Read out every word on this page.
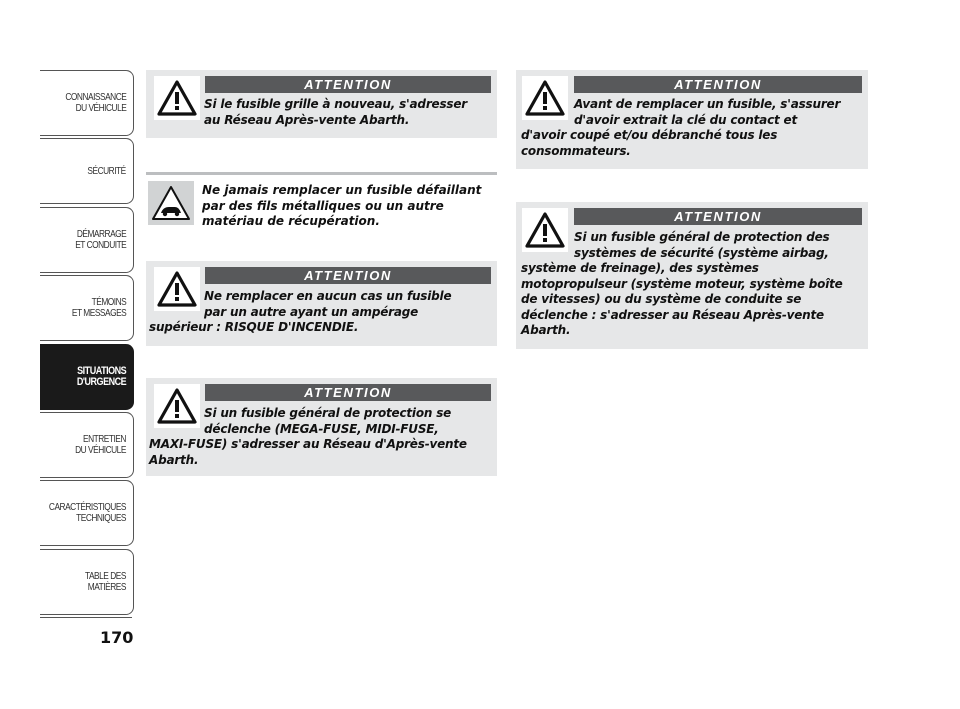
CONNAISSANCE
DU VÉHICULE
SÉCURITÉ
DÉMARRAGE
ET CONDUITE
TÉMOINS
ET MESSAGES
SITUATIONS
D'URGENCE
ENTRETIEN
DU VÉHICULE
CARACTÉRISTIQUES
TECHNIQUES
TABLE DES
MATIÈRES
170
ATTENTION
Si le fusible grille à nouveau, s'adresser
au Réseau Après-vente Abarth.
Ne jamais remplacer un fusible défaillant
par des fils métalliques ou un autre
matériau de récupération.
ATTENTION
Ne remplacer en aucun cas un fusible
par un autre ayant un ampérage
supérieur : RISQUE D'INCENDIE.
ATTENTION
Si un fusible général de protection se
déclenche (MEGA-FUSE, MIDI-FUSE,
MAXI-FUSE) s'adresser au Réseau d'Après-vente
Abarth.
ATTENTION
Avant de remplacer un fusible, s'assurer
d'avoir extrait la clé du contact et
d'avoir coupé et/ou débranché tous les
consommateurs.
ATTENTION
Si un fusible général de protection des
systèmes de sécurité (système airbag,
système de freinage), des systèmes
motopropulseur (système moteur, système boîte
de vitesses) ou du système de conduite se
déclenche : s'adresser au Réseau Après-vente
Abarth.
